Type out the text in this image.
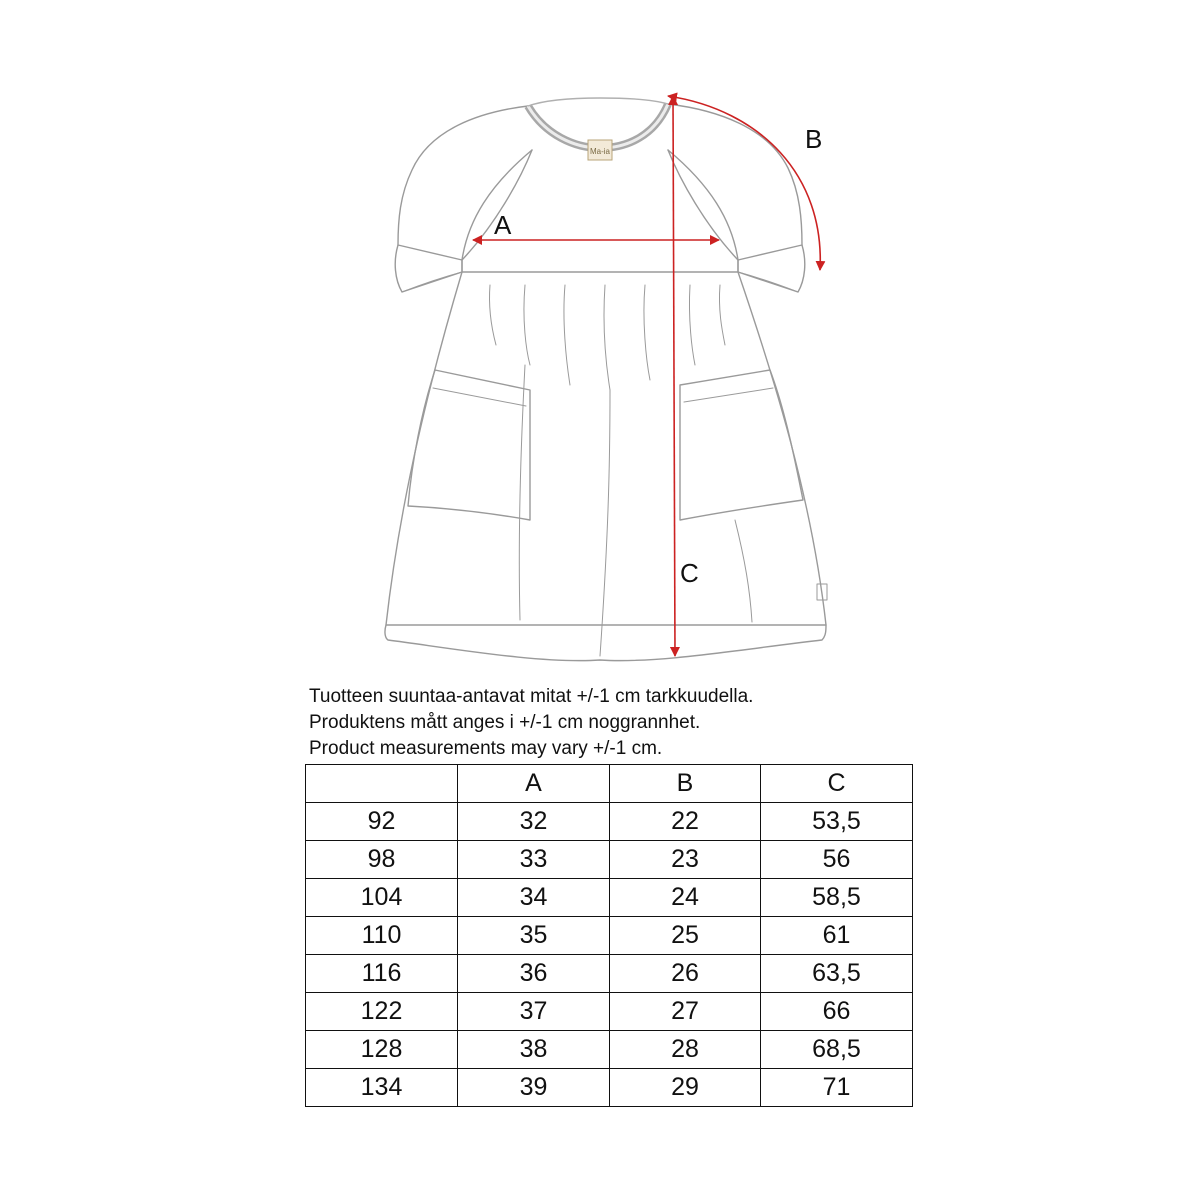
Ma-ia
A
B
C
Tuotteen suuntaa-antavat mitat +/-1 cm tarkkuudella.
Produktens mått anges i +/-1 cm noggrannhet.
Product measurements may vary +/-1 cm.
	A	B	C
92	32	22	53,5
98	33	23	56
104	34	24	58,5
110	35	25	61
116	36	26	63,5
122	37	27	66
128	38	28	68,5
134	39	29	71
